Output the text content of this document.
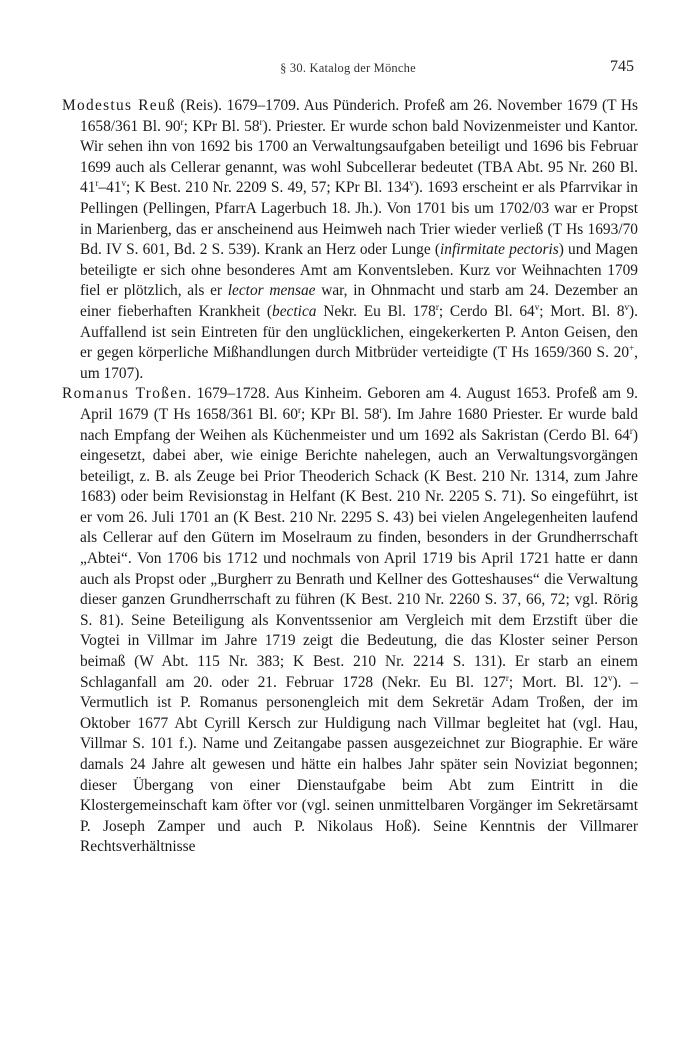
§ 30. Katalog der Mönche	745

Modestus Reuß (Reis). 1679–1709. Aus Pünderich. Profeß am 26. November 1679 (T Hs 1658/361 Bl. 90$^r$; KPr Bl. 58$^r$). Priester. Er wurde schon bald Novizenmeister und Kantor. Wir sehen ihn von 1692 bis 1700 an Verwaltungsaufgaben beteiligt und 1696 bis Februar 1699 auch als Cellerar genannt, was wohl Subcellerar bedeutet (TBA Abt. 95 Nr. 260 Bl. 41$^r$–41$^v$; K Best. 210 Nr. 2209 S. 49, 57; KPr Bl. 134$^v$). 1693 erscheint er als Pfarrvikar in Pellingen (Pellingen, PfarrA Lagerbuch 18. Jh.). Von 1701 bis um 1702/03 war er Propst in Marienberg, das er anscheinend aus Heimweh nach Trier wieder verließ (T Hs 1693/70 Bd. IV S. 601, Bd. 2 S. 539). Krank an Herz oder Lunge (infirmitate pectoris) und Magen beteiligte er sich ohne besonderes Amt am Konventsleben. Kurz vor Weihnachten 1709 fiel er plötzlich, als er lector mensae war, in Ohnmacht und starb am 24. Dezember an einer fieberhaften Krankheit (bectica Nekr. Eu Bl. 178$^r$; Cerdo Bl. 64$^v$; Mort. Bl. 8$^v$). Auffallend ist sein Eintreten für den unglücklichen, eingekerkerten P. Anton Geisen, den er gegen körperliche Mißhandlungen durch Mitbrüder verteidigte (T Hs 1659/360 S. 20+, um 1707).

Romanus Troßen. 1679–1728. Aus Kinheim. Geboren am 4. August 1653. Profeß am 9. April 1679 (T Hs 1658/361 Bl. 60$^r$; KPr Bl. 58$^r$). Im Jahre 1680 Priester. Er wurde bald nach Empfang der Weihen als Küchenmeister und um 1692 als Sakristan (Cerdo Bl. 64$^r$) eingesetzt, dabei aber, wie einige Berichte nahelegen, auch an Verwaltungsvorgängen beteiligt, z. B. als Zeuge bei Prior Theoderich Schack (K Best. 210 Nr. 1314, zum Jahre 1683) oder beim Revisionstag in Helfant (K Best. 210 Nr. 2205 S. 71). So eingeführt, ist er vom 26. Juli 1701 an (K Best. 210 Nr. 2295 S. 43) bei vielen Angelegenheiten laufend als Cellerar auf den Gütern im Moselraum zu finden, besonders in der Grundherrschaft „Abtei“. Von 1706 bis 1712 und nochmals von April 1719 bis April 1721 hatte er dann auch als Propst oder „Burgherr zu Benrath und Kellner des Gotteshauses“ die Verwaltung dieser ganzen Grundherrschaft zu führen (K Best. 210 Nr. 2260 S. 37, 66, 72; vgl. Rörig S. 81). Seine Beteiligung als Konventssenior am Vergleich mit dem Erzstift über die Vogtei in Villmar im Jahre 1719 zeigt die Bedeutung, die das Kloster seiner Person beimaß (W Abt. 115 Nr. 383; K Best. 210 Nr. 2214 S. 131). Er starb an einem Schlaganfall am 20. oder 21. Februar 1728 (Nekr. Eu Bl. 127$^r$; Mort. Bl. 12$^v$). – Vermutlich ist P. Romanus personengleich mit dem Sekretär Adam Troßen, der im Oktober 1677 Abt Cyrill Kersch zur Huldigung nach Villmar begleitet hat (vgl. Hau, Villmar S. 101 f.). Name und Zeitangabe passen ausgezeichnet zur Biographie. Er wäre damals 24 Jahre alt gewesen und hätte ein halbes Jahr später sein Noviziat begonnen; dieser Übergang von einer Dienstaufgabe beim Abt zum Eintritt in die Klostergemeinschaft kam öfter vor (vgl. seinen unmittelbaren Vorgänger im Sekretärsamt P. Joseph Zamper und auch P. Nikolaus Hoß). Seine Kenntnis der Villmarer Rechtsverhältnisse
